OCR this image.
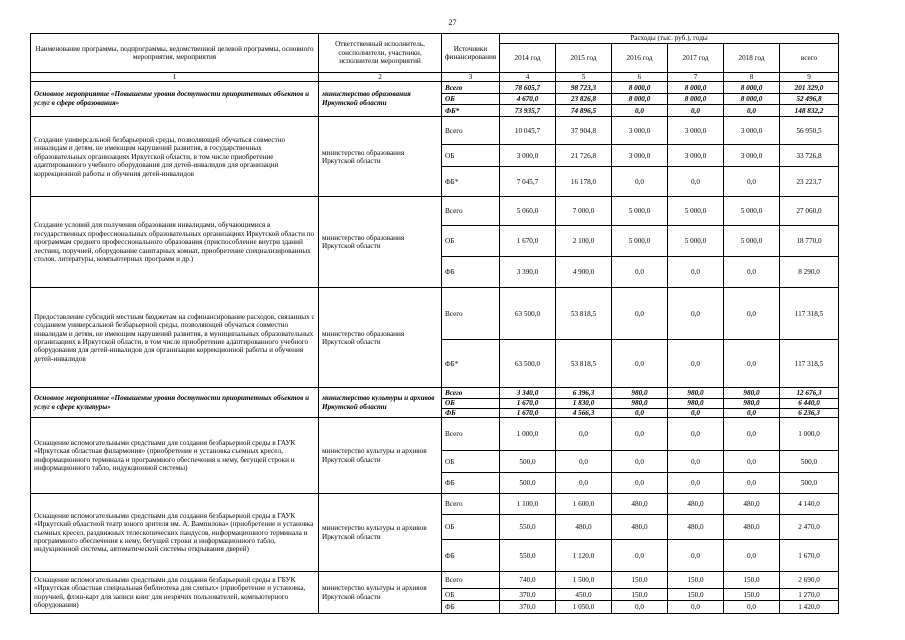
27
Наименование программы, подпрограммы, ведомственной целевой программы, основного мероприятия, мероприятия	Ответственный исполнитель, соисполнители, участники, исполнители мероприятий	Источники финансирования	Расходы (тыс. руб.), годы					
			2014 год	2015 год	2016 год	2017 год	2018 год	всего
1	2	3	4	5	6	7	8	9
Основное мероприятие «Повышение уровня доступности приоритетных объектов и услуг в сфере образования»	министерство образования Иркутской области	Всего	78 605,7	98 723,3	8 000,0	8 000,0	8 000,0	201 329,0
		ОБ	4 670,0	23 826,8	8 000,0	8 000,0	8 000,0	52 496,8
		ФБ*	73 935,7	74 896,5	0,0	0,0	0,0	148 832,2
Создание универсальной безбарьерной среды, позволяющей обучаться совместно инвалидам и детям, не имеющим нарушений развития, в государственных образовательных организациях Иркутской области, в том числе приобретение адаптированного учебного оборудования для детей-инвалидов для организации коррекционной работы и обучения детей-инвалидов	министерство образования Иркутской области	Всего	10 045,7	37 904,8	3 000,0	3 000,0	3 000,0	56 950,5
		ОБ	3 000,0	21 726,8	3 000,0	3 000,0	3 000,0	33 726,8
		ФБ*	7 045,7	16 178,0	0,0	0,0	0,0	23 223,7
Создание условий для получения образования инвалидами, обучающимися в государственных профессиональных образовательных организациях Иркутской области по программам среднего профессионального образования (приспособление внутри зданий лестниц, поручней, оборудование санитарных комнат, приобретение специализированных столов, литературы, компьютерных программ и др.)	министерство образования Иркутской области	Всего	5 060,0	7 000,0	5 000,0	5 000,0	5 000,0	27 060,0
		ОБ	1 670,0	2 100,0	5 000,0	5 000,0	5 000,0	18 770,0
		ФБ	3 390,0	4 900,0	0,0	0,0	0,0	8 290,0
Предоставление субсидий местным бюджетам на софинансирование расходов, связанных с созданием универсальной безбарьерной среды, позволяющей обучаться совместно инвалидам и детям, не имеющим нарушений развития, в муниципальных образовательных организациях в Иркутской области, в том числе приобретение адаптированного учебного оборудования для детей-инвалидов для организации коррекционной работы и обучения детей-инвалидов	министерство образования Иркутской области	Всего	63 500,0	53 818,5	0,0	0,0	0,0	117 318,5
		ФБ*	63 500,0	53 818,5	0,0	0,0	0,0	117 318,5
Основное мероприятие «Повышение уровня доступности приоритетных объектов и услуг в сфере культуры»	министерство культуры и архивов Иркутской области	Всего	3 340,0	6 396,3	980,0	980,0	980,0	12 676,3
		ОБ	1 670,0	1 830,0	980,0	980,0	980,0	6 440,0
		ФБ	1 670,0	4 566,3	0,0	0,0	0,0	6 236,3
Оснащение вспомогательными средствами для создания безбарьерной среды в ГАУК «Иркутская областная филармония» (приобретение и установка съемных кресел, информационного терминала и программного обеспечения к нему, бегущей строки и информационного табло, индукционной системы)	министерство культуры и архивов Иркутской области	Всего	1 000,0	0,0	0,0	0,0	0,0	1 000,0
		ОБ	500,0	0,0	0,0	0,0	0,0	500,0
		ФБ	500,0	0,0	0,0	0,0	0,0	500,0
Оснащение вспомогательными средствами для создания безбарьерной среды в ГАУК «Иркутский областной театр юного зрителя им. А. Вампилова» (приобретение и установка съемных кресел, раздвижных телескопических пандусов, информационного терминала и программного обеспечения к нему, бегущей строки и информационного табло, индукционной системы, автоматической системы открывания дверей)	министерство культуры и архивов Иркутской области	Всего	1 100,0	1 600,0	480,0	480,0	480,0	4 140,0
		ОБ	550,0	480,0	480,0	480,0	480,0	2 470,0
		ФБ	550,0	1 120,0	0,0	0,0	0,0	1 670,0
Оснащение вспомогательными средствами для создания безбарьерной среды в ГБУК «Иркутская областная специальная библиотека для слепых» (приобретение и установка, поручней, флэш-карт для записи книг для незрячих пользователей, компьютерного оборудования)	министерство культуры и архивов Иркутской области	Всего	740,0	1 500,0	150,0	150,0	150,0	2 690,0
		ОБ	370,0	450,0	150,0	150,0	150,0	1 270,0
		ФБ	370,0	1 050,0	0,0	0,0	0,0	1 420,0
